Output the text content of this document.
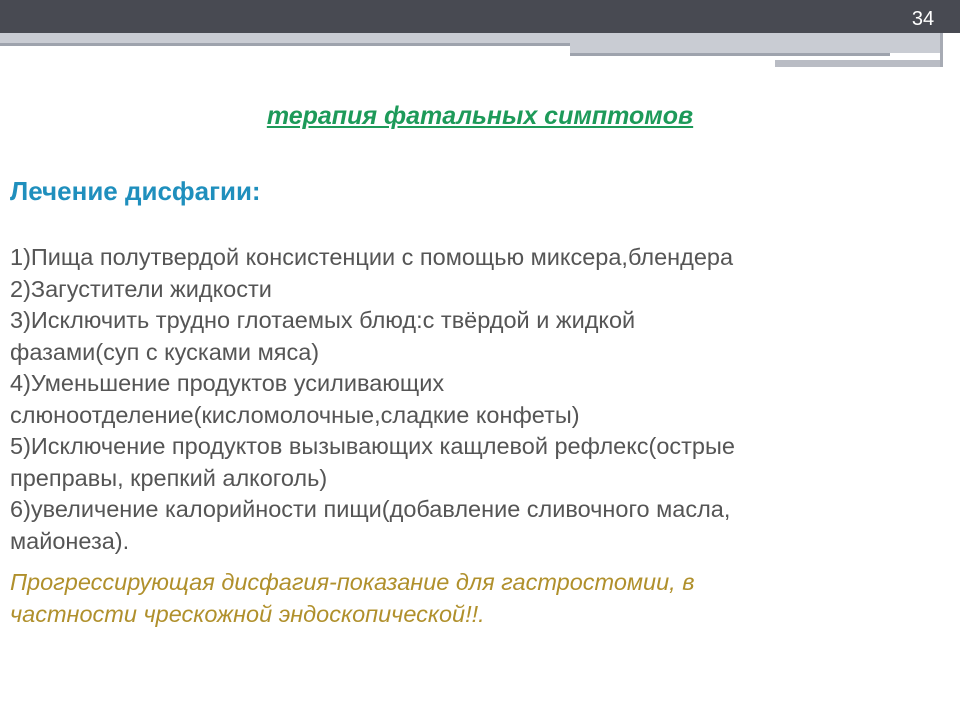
34
терапия фатальных симптомов
Лечение дисфагии:
1)Пища полутвердой консистенции с помощью миксера,блендера
2)Загустители жидкости
3)Исключить трудно глотаемых блюд:с твёрдой и жидкой
фазами(суп с кусками мяса)
4)Уменьшение продуктов усиливающих
слюноотделение(кисломолочные,сладкие конфеты)
5)Исключение продуктов вызывающих кащлевой рефлекс(острые
преправы, крепкий алкоголь)
6)увеличение калорийности пищи(добавление сливочного масла,
майонеза).

Прогрессирующая дисфагия-показание для гастростомии, в
частности чрескожной эндоскопической!!.
